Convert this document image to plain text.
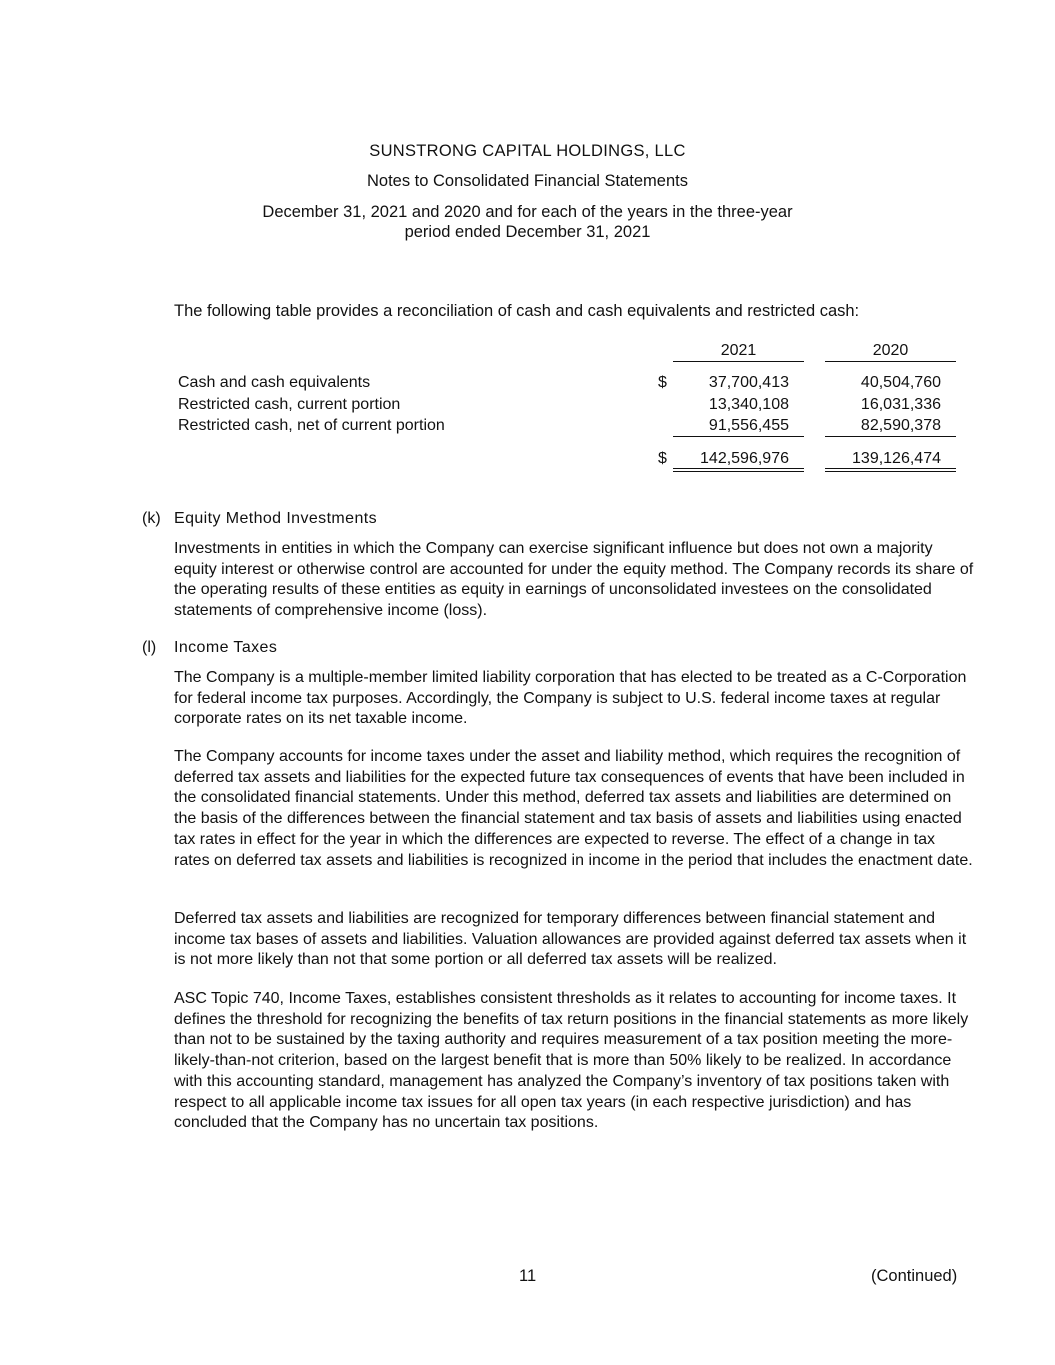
SUNSTRONG CAPITAL HOLDINGS, LLC
Notes to Consolidated Financial Statements
December 31, 2021 and 2020 and for each of the years in the three-year
period ended December 31, 2021
The following table provides a reconciliation of cash and cash equivalents and restricted cash:
2021	2020
Cash and cash equivalents	$	37,700,413	40,504,760
Restricted cash, current portion	13,340,108	16,031,336
Restricted cash, net of current portion	91,556,455	82,590,378
$	142,596,976	139,126,474
(k) Equity Method Investments
Investments in entities in which the Company can exercise significant influence but does not own a majority equity interest or otherwise control are accounted for under the equity method. The Company records its share of the operating results of these entities as equity in earnings of unconsolidated investees on the consolidated statements of comprehensive income (loss).
(l) Income Taxes
The Company is a multiple-member limited liability corporation that has elected to be treated as a C-Corporation for federal income tax purposes. Accordingly, the Company is subject to U.S. federal income taxes at regular corporate rates on its net taxable income.
The Company accounts for income taxes under the asset and liability method, which requires the recognition of deferred tax assets and liabilities for the expected future tax consequences of events that have been included in the consolidated financial statements. Under this method, deferred tax assets and liabilities are determined on the basis of the differences between the financial statement and tax basis of assets and liabilities using enacted tax rates in effect for the year in which the differences are expected to reverse. The effect of a change in tax rates on deferred tax assets and liabilities is recognized in income in the period that includes the enactment date.
Deferred tax assets and liabilities are recognized for temporary differences between financial statement and income tax bases of assets and liabilities. Valuation allowances are provided against deferred tax assets when it is not more likely than not that some portion or all deferred tax assets will be realized.
ASC Topic 740, Income Taxes, establishes consistent thresholds as it relates to accounting for income taxes. It defines the threshold for recognizing the benefits of tax return positions in the financial statements as more likely than not to be sustained by the taxing authority and requires measurement of a tax position meeting the more-likely-than-not criterion, based on the largest benefit that is more than 50% likely to be realized. In accordance with this accounting standard, management has analyzed the Company’s inventory of tax positions taken with respect to all applicable income tax issues for all open tax years (in each respective jurisdiction) and has concluded that the Company has no uncertain tax positions.
11	(Continued)
